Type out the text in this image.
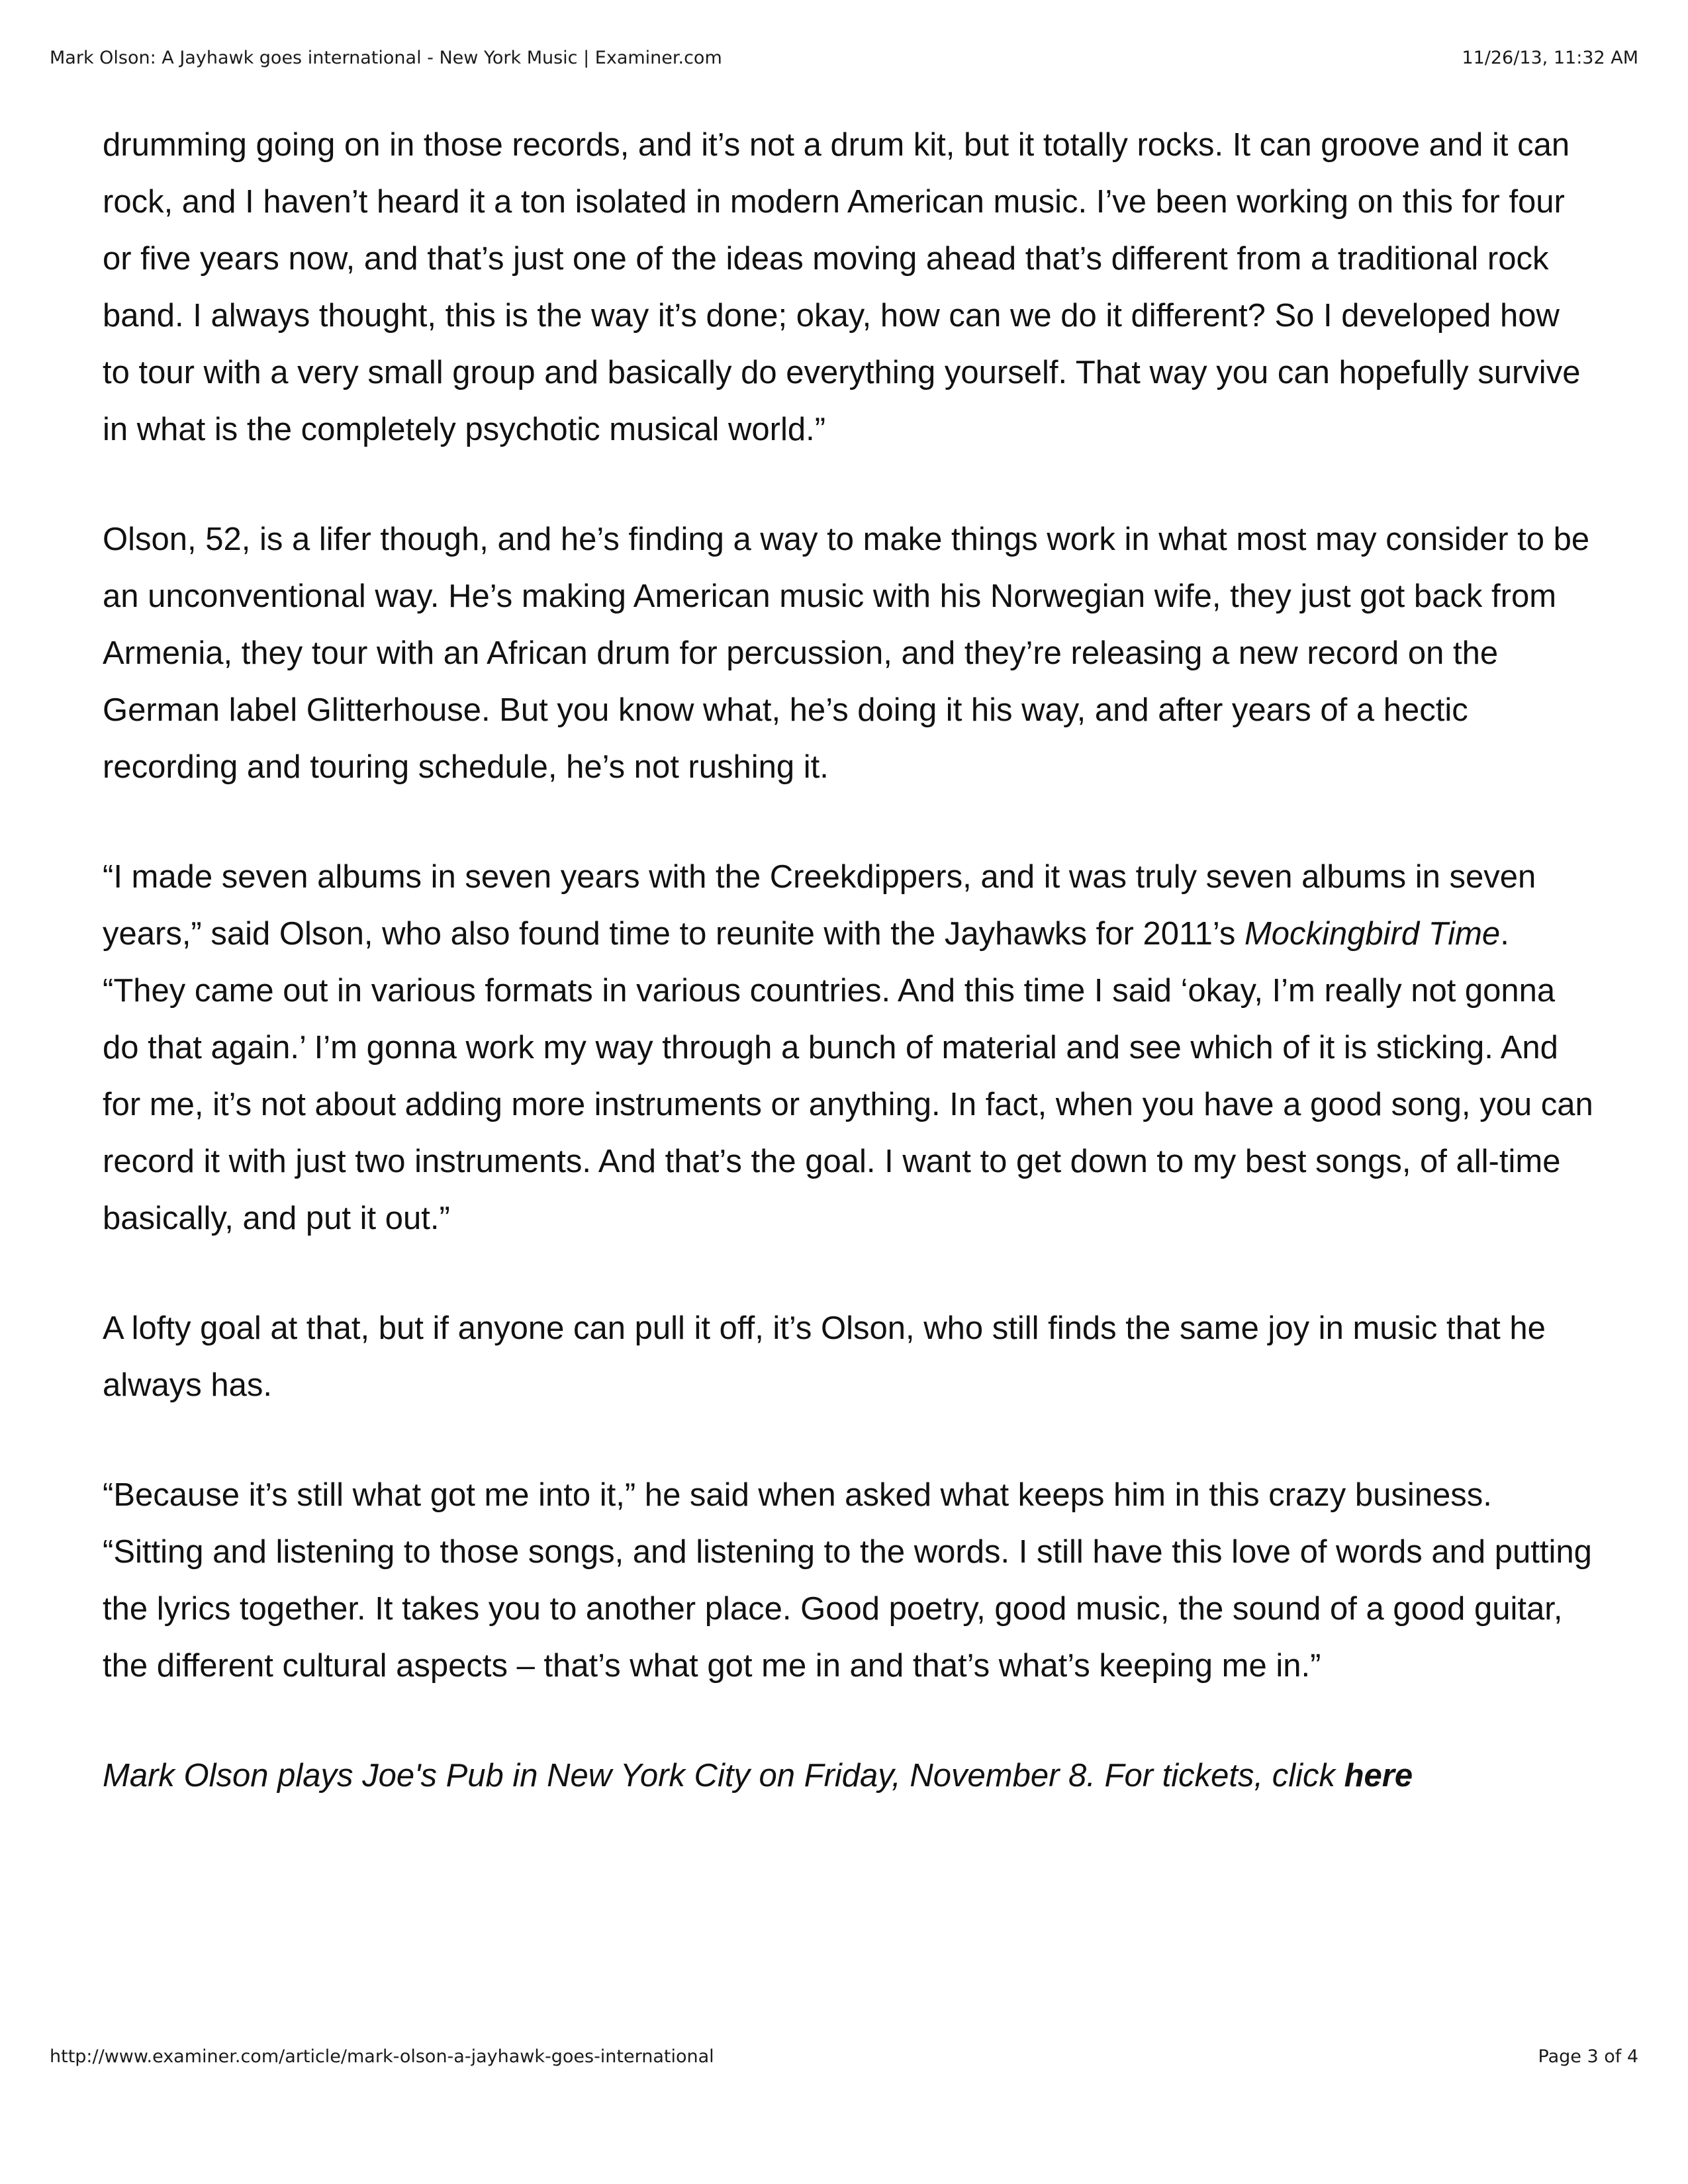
Mark Olson: A Jayhawk goes international - New York Music | Examiner.com	11/26/13, 11:32 AM

drumming going on in those records, and it’s not a drum kit, but it totally rocks. It can groove and it can rock, and I haven’t heard it a ton isolated in modern American music. I’ve been working on this for four or five years now, and that’s just one of the ideas moving ahead that’s different from a traditional rock band. I always thought, this is the way it’s done; okay, how can we do it different? So I developed how to tour with a very small group and basically do everything yourself. That way you can hopefully survive in what is the completely psychotic musical world.”

Olson, 52, is a lifer though, and he’s finding a way to make things work in what most may consider to be an unconventional way. He’s making American music with his Norwegian wife, they just got back from Armenia, they tour with an African drum for percussion, and they’re releasing a new record on the German label Glitterhouse. But you know what, he’s doing it his way, and after years of a hectic recording and touring schedule, he’s not rushing it.

“I made seven albums in seven years with the Creekdippers, and it was truly seven albums in seven years,” said Olson, who also found time to reunite with the Jayhawks for 2011’s Mockingbird Time. “They came out in various formats in various countries. And this time I said ‘okay, I’m really not gonna do that again.’ I’m gonna work my way through a bunch of material and see which of it is sticking. And for me, it’s not about adding more instruments or anything. In fact, when you have a good song, you can record it with just two instruments. And that’s the goal. I want to get down to my best songs, of all-time basically, and put it out.”

A lofty goal at that, but if anyone can pull it off, it’s Olson, who still finds the same joy in music that he always has.

“Because it’s still what got me into it,” he said when asked what keeps him in this crazy business. “Sitting and listening to those songs, and listening to the words. I still have this love of words and putting the lyrics together. It takes you to another place. Good poetry, good music, the sound of a good guitar, the different cultural aspects – that’s what got me in and that’s what’s keeping me in.”

Mark Olson plays Joe's Pub in New York City on Friday, November 8. For tickets, click here

http://www.examiner.com/article/mark-olson-a-jayhawk-goes-international	Page 3 of 4
